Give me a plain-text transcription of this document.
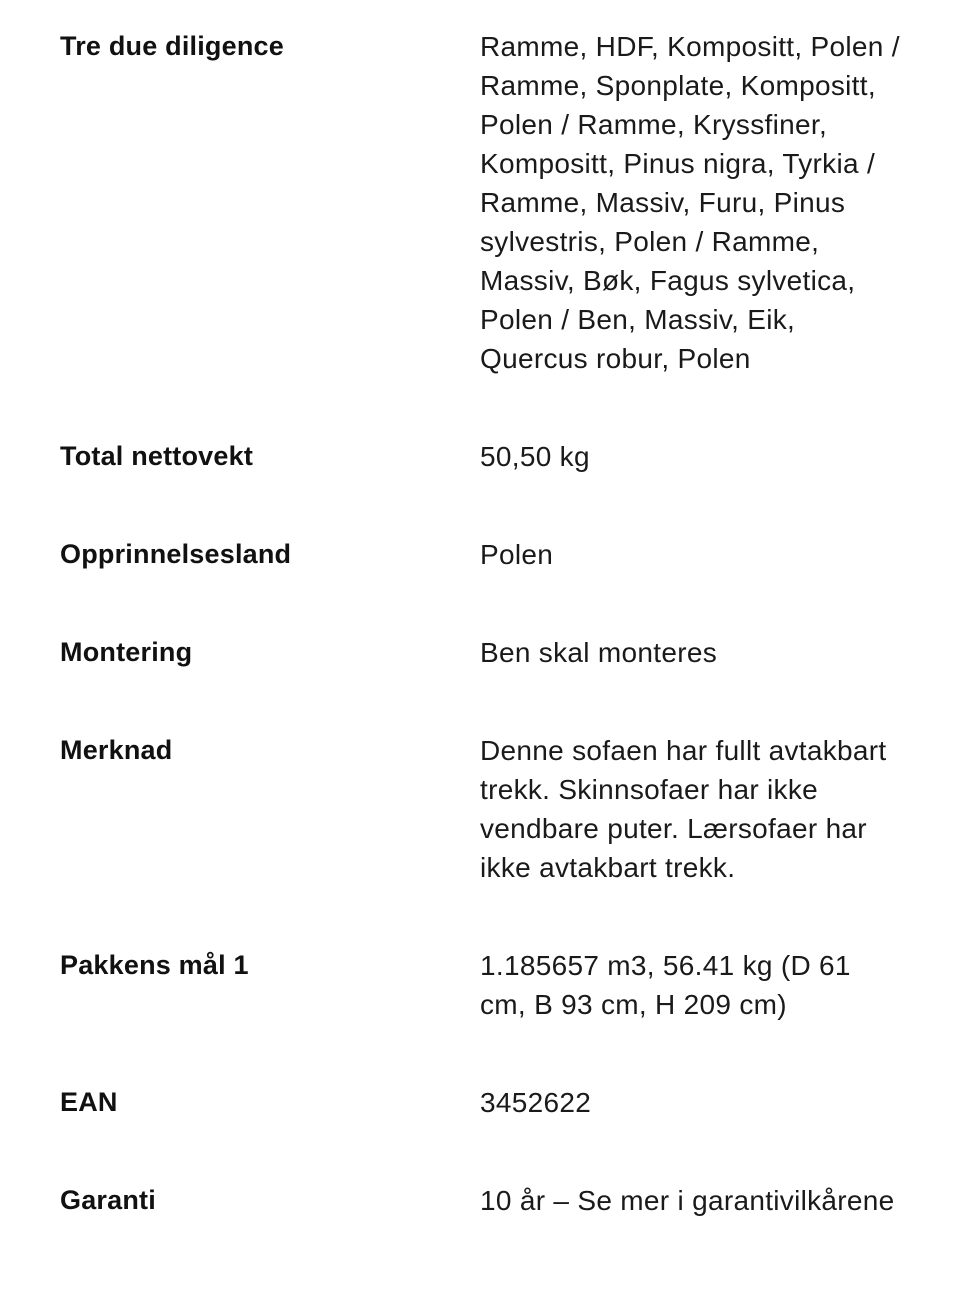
Tre due diligence	Ramme, HDF, Kompositt, Polen / Ramme, Sponplate, Kompositt, Polen / Ramme, Kryssfiner, Kompositt, Pinus nigra, Tyrkia / Ramme, Massiv, Furu, Pinus sylvestris, Polen / Ramme, Massiv, Bøk, Fagus sylvetica, Polen / Ben, Massiv, Eik, Quercus robur, Polen
Total nettovekt	50,50 kg
Opprinnelsesland	Polen
Montering	Ben skal monteres
Merknad	Denne sofaen har fullt avtakbart trekk. Skinnsofaer har ikke vendbare puter. Lærsofaer har ikke avtakbart trekk.
Pakkens mål 1	1.185657 m3, 56.41 kg (D 61 cm, B 93 cm, H 209 cm)
EAN	3452622
Garanti	10 år – Se mer i garantivilkårene
